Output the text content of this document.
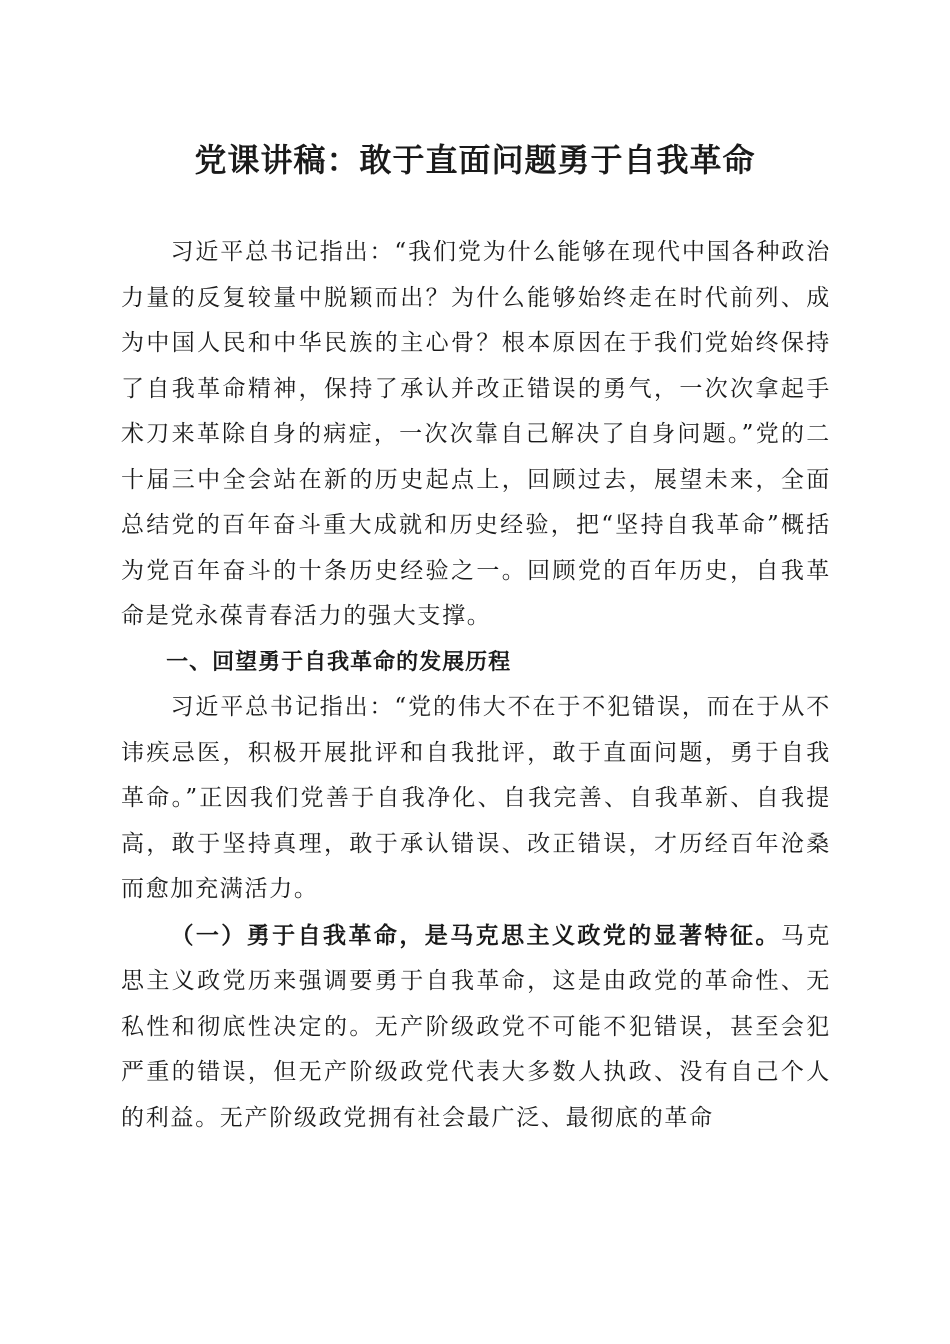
党课讲稿：敢于直面问题勇于自我革命

习近平总书记指出：“我们党为什么能够在现代中国各种政治力量的反复较量中脱颖而出？为什么能够始终走在时代前列、成为中国人民和中华民族的主心骨？根本原因在于我们党始终保持了自我革命精神，保持了承认并改正错误的勇气，一次次拿起手术刀来革除自身的病症，一次次靠自己解决了自身问题。”党的二十届三中全会站在新的历史起点上，回顾过去，展望未来，全面总结党的百年奋斗重大成就和历史经验，把“坚持自我革命”概括为党百年奋斗的十条历史经验之一。回顾党的百年历史，自我革命是党永葆青春活力的强大支撑。

一、回望勇于自我革命的发展历程

习近平总书记指出：“党的伟大不在于不犯错误，而在于从不讳疾忌医，积极开展批评和自我批评，敢于直面问题，勇于自我革命。”正因我们党善于自我净化、自我完善、自我革新、自我提高，敢于坚持真理，敢于承认错误、改正错误，才历经百年沧桑而愈加充满活力。

（一）勇于自我革命，是马克思主义政党的显著特征。马克思主义政党历来强调要勇于自我革命，这是由政党的革命性、无私性和彻底性决定的。无产阶级政党不可能不犯错误，甚至会犯严重的错误，但无产阶级政党代表大多数人执政、没有自己个人的利益。无产阶级政党拥有社会最广泛、最彻底的革命
